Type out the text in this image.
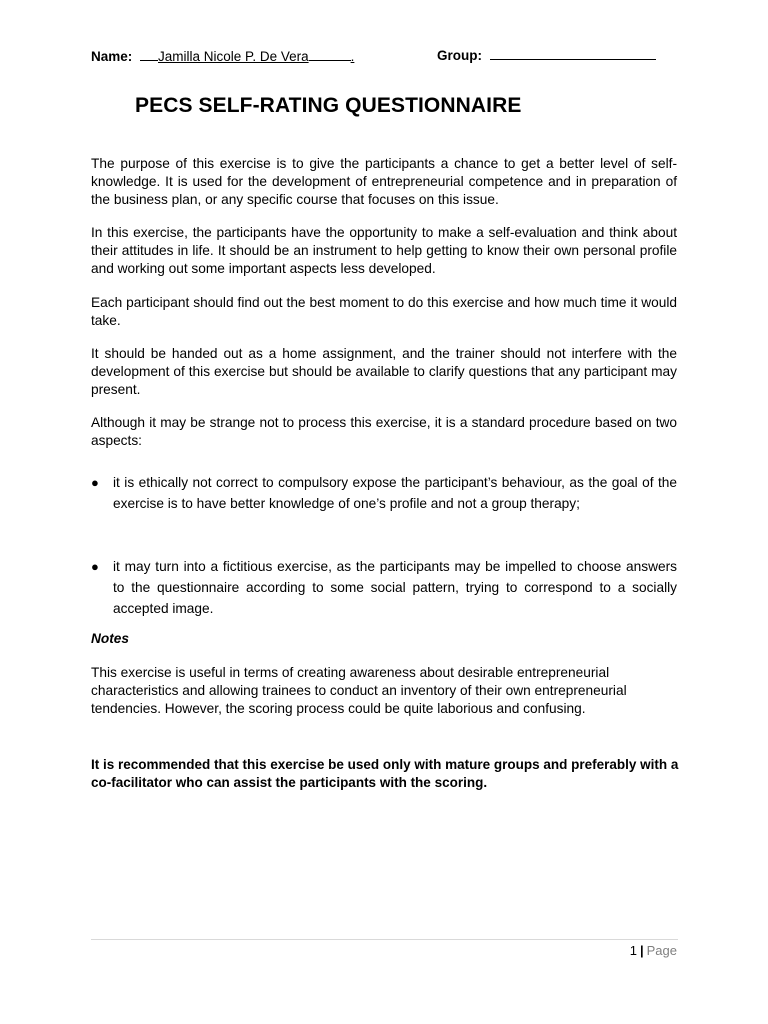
Name: Jamilla Nicole P. De Vera	.	Group:
PECS SELF-RATING QUESTIONNAIRE

The purpose of this exercise is to give the participants a chance to get a better level of self-knowledge. It is used for the development of entrepreneurial competence and in preparation of the business plan, or any specific course that focuses on this issue.

In this exercise, the participants have the opportunity to make a self-evaluation and think about their attitudes in life. It should be an instrument to help getting to know their own personal profile and working out some important aspects less developed.

Each participant should find out the best moment to do this exercise and how much time it would take.

It should be handed out as a home assignment, and the trainer should not interfere with the development of this exercise but should be available to clarify questions that any participant may present.

Although it may be strange not to process this exercise, it is a standard procedure based on two aspects:

● it is ethically not correct to compulsory expose the participant’s behaviour, as the goal of the exercise is to have better knowledge of one’s profile and not a group therapy;
● it may turn into a fictitious exercise, as the participants may be impelled to choose answers to the questionnaire according to some social pattern, trying to correspond to a socially accepted image.
Notes

This exercise is useful in terms of creating awareness about desirable entrepreneurial characteristics and allowing trainees to conduct an inventory of their own entrepreneurial tendencies. However, the scoring process could be quite laborious and confusing.

It is recommended that this exercise be used only with mature groups and preferably with a co-facilitator who can assist the participants with the scoring.

1 | Page
